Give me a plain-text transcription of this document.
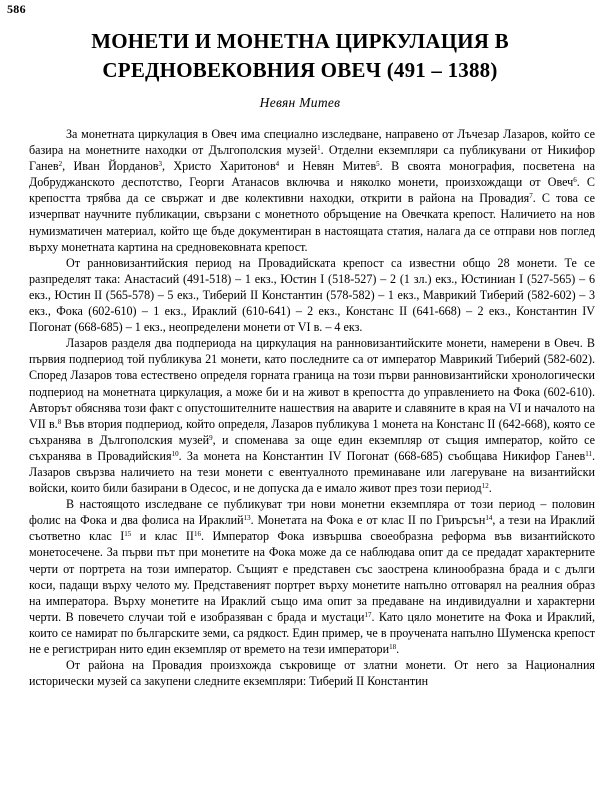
586
МОНЕТИ И МОНЕТНА ЦИРКУЛАЦИЯ В
СРЕДНОВЕКОВНИЯ ОВЕЧ (491 – 1388)
Невян Митев

За монетната циркулация в Овеч има специално изследване, направено от Лъчезар Лазаров, който се базира на монетните находки от Дългополския музей$^1$. Отделни екземпляри са публикувани от Никифор Ганев$^2$, Иван Йорданов$^3$, Христо Харитонов$^4$ и Невян Митев$^5$. В своята монография, посветена на Добруджанското деспотство, Георги Атанасов включва и няколко монети, произхождащи от Овеч$^6$. С крепостта трябва да се свържат и две колективни находки, открити в района на Провадия$^7$. С това се изчерпват научните публикации, свързани с монетното обръщение на Овечката крепост. Наличието на нов нумизматичен материал, който ще бъде документиран в настоящата статия, налага да се отправи нов поглед върху монетната картина на средновековната крепост.

От ранновизантийския период на Провадийската крепост са известни общо 28 монети. Те се разпределят така: Анастасий (491-518) – 1 екз., Юстин I (518-527) – 2 (1 зл.) екз., Юстиниан I (527-565) – 6 екз., Юстин II (565-578) – 5 екз., Тиберий II Константин (578-582) – 1 екз., Маврикий Тиберий (582-602) – 3 екз., Фока (602-610) – 1 екз., Ираклий (610-641) – 2 екз., Констанс II (641-668) – 2 екз., Константин IV Погонат (668-685) – 1 екз., неопределени монети от VI в. – 4 екз.

Лазаров разделя два подпериода на циркулация на ранновизантийските монети, намерени в Овеч. В първия подпериод той публикува 21 монети, като последните са от император Маврикий Тиберий (582-602). Според Лазаров това естествено определя горната граница на този първи ранновизантийски хронологически подпериод на монетната циркулация, а може би и на живот в крепостта до управлението на Фока (602-610). Авторът обяснява този факт с опустошителните нашествия на аварите и славяните в края на VI и началото на VII в.$^8$ Във втория подпериод, който определя, Лазаров публикува 1 монета на Констанс II (642-668), която се съхранява в Дългополския музей$^9$, и споменава за още един екземпляр от същия император, който се съхранява в Провадийския$^{10}$. За монета на Константин IV Погонат (668-685) съобщава Никифор Ганев$^{11}$. Лазаров свързва наличието на тези монети с евентуалното преминаване или лагеруване на византийски войски, които били базирани в Одесос, и не допуска да е имало живот през този период$^{12}$.

В настоящото изследване се публикуват три нови монетни екземпляра от този период – половин фолис на Фока и два фолиса на Ираклий$^{13}$. Монетата на Фока е от клас II по Гриърсън$^{14}$, а тези на Ираклий съответно клас $I^{15}$ и клас II$^{16}$. Император Фока извършва своеобразна реформа във византийското монетосечене. За първи път при монетите на Фока може да се наблюдава опит да се предадат характерните черти от портрета на този император. Същият е представен със заострена клинообразна брада и с дълги коси, падащи върху челото му. Представеният портрет върху монетите напълно отговарял на реалния образ на императора. Върху монетите на Ираклий също има опит за предаване на индивидуални и характерни черти. В повечето случаи той е изобразяван с брада и мустаци$^{17}$. Като цяло монетите на Фока и Ираклий, които се намират по българските земи, са рядкост. Един пример, че в проучената напълно Шуменска крепост не е регистриран нито един екземпляр от времето на тези императори$^{18}$.

От района на Провадия произхожда съкровище от златни монети. От него за Националния исторически музей са закупени следните екземпляри: Тиберий II Константин
